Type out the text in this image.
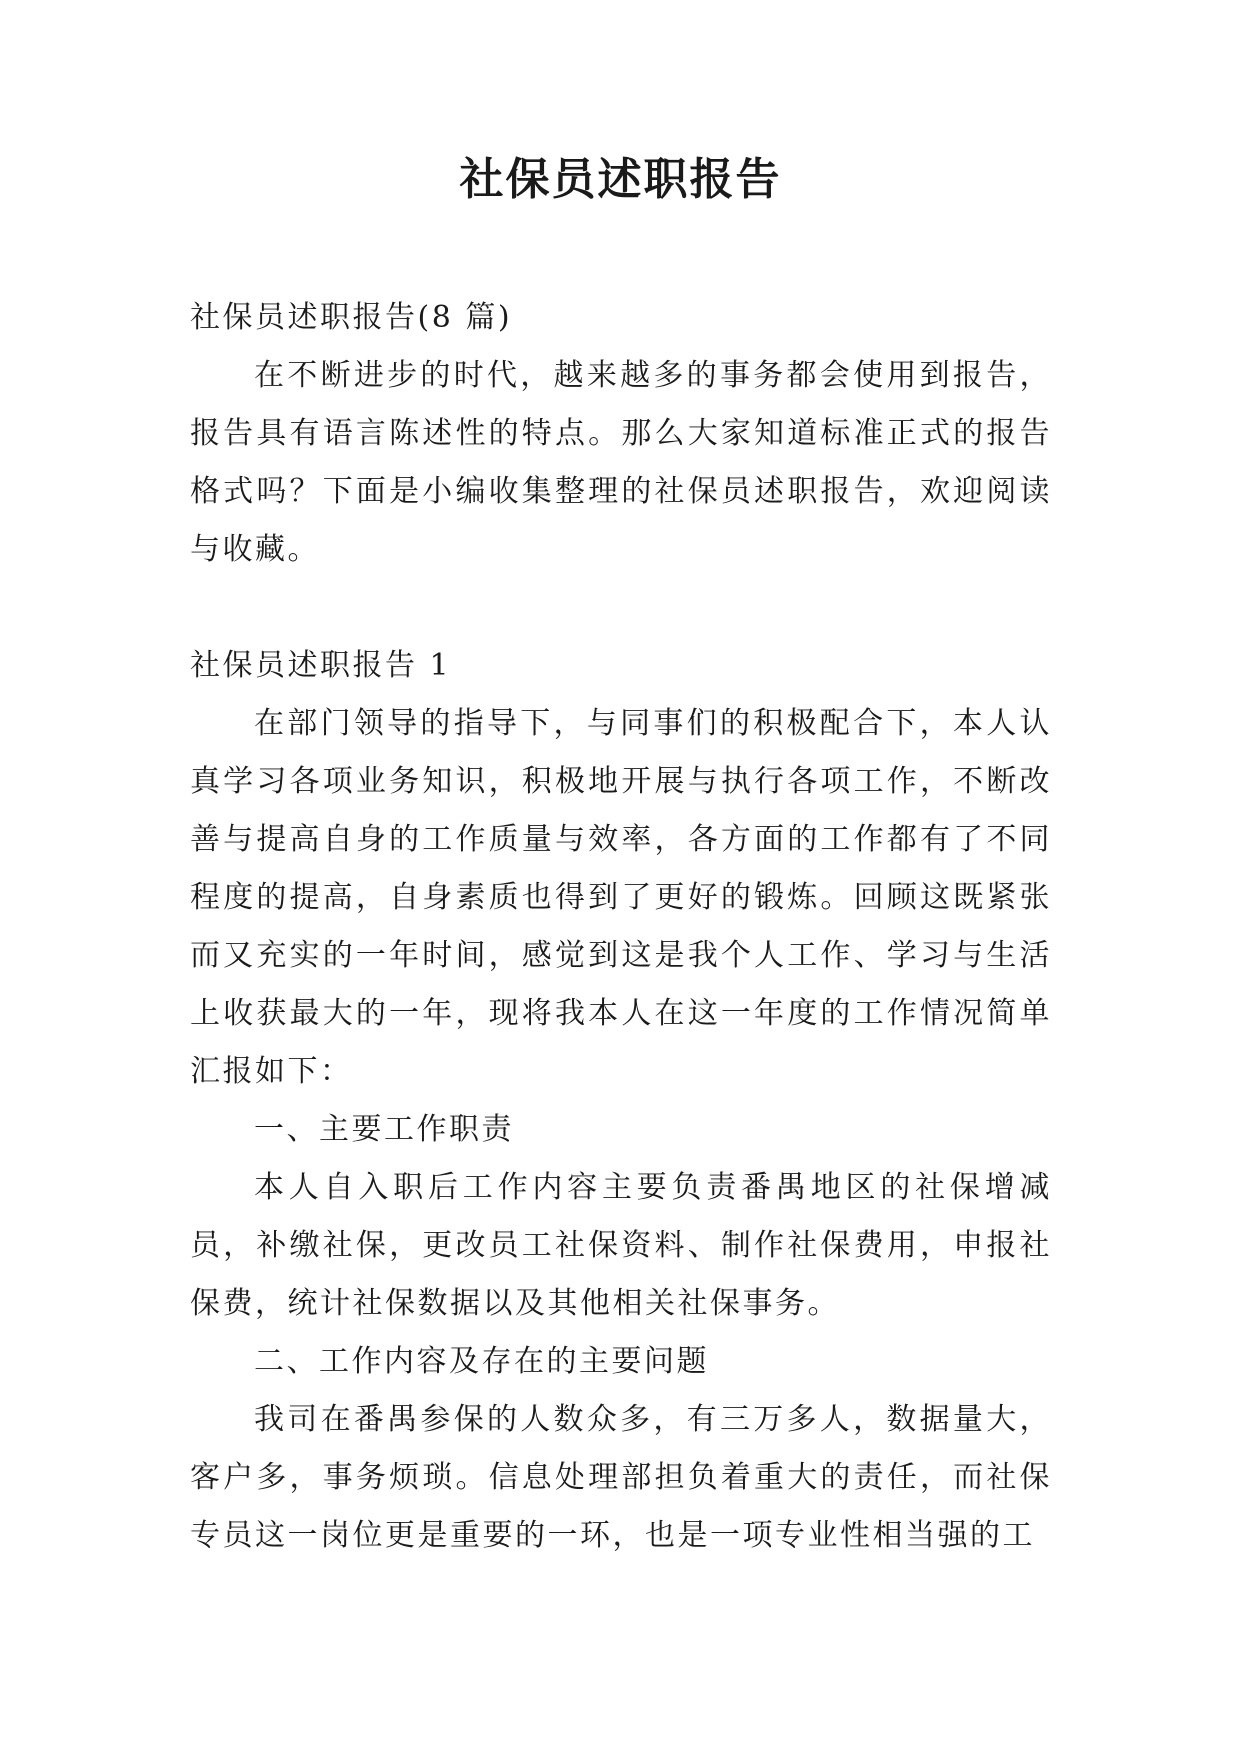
社保员述职报告

社保员述职报告(8 篇)

在不断进步的时代，越来越多的事务都会使用到报告，报告具有语言陈述性的特点。那么大家知道标准正式的报告格式吗？下面是小编收集整理的社保员述职报告，欢迎阅读与收藏。

社保员述职报告 1

在部门领导的指导下，与同事们的积极配合下，本人认真学习各项业务知识，积极地开展与执行各项工作，不断改善与提高自身的工作质量与效率，各方面的工作都有了不同程度的提高，自身素质也得到了更好的锻炼。回顾这既紧张而又充实的一年时间，感觉到这是我个人工作、学习与生活上收获最大的一年，现将我本人在这一年度的工作情况简单汇报如下：

一、主要工作职责

本人自入职后工作内容主要负责番禺地区的社保增减员，补缴社保，更改员工社保资料、制作社保费用，申报社保费，统计社保数据以及其他相关社保事务。

二、工作内容及存在的主要问题

我司在番禺参保的人数众多，有三万多人，数据量大，客户多，事务烦琐。信息处理部担负着重大的责任，而社保专员这一岗位更是重要的一环，也是一项专业性相当强的工
